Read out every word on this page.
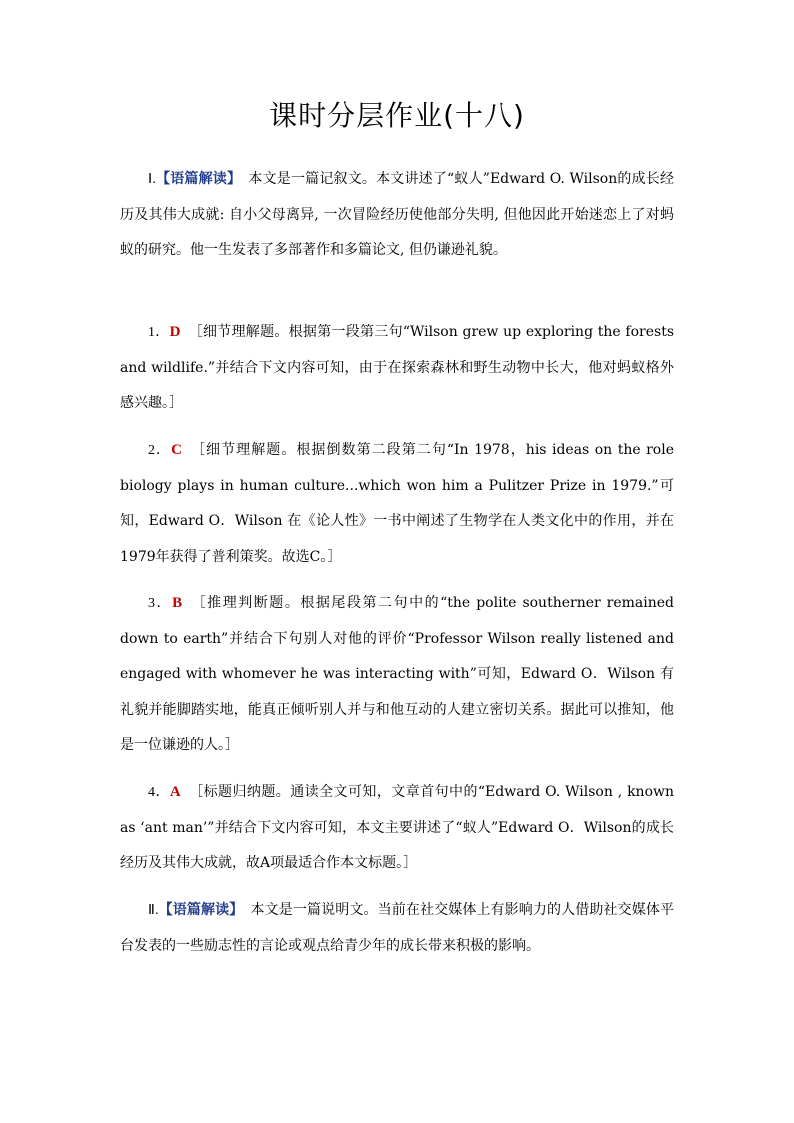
课时分层作业(十八)

Ⅰ.【语篇解读】　本文是一篇记叙文。本文讲述了“蚁人”Edward O. Wilson的成长经历及其伟大成就: 自小父母离异, 一次冒险经历使他部分失明, 但他因此开始迷恋上了对蚂蚁的研究。他一生发表了多部著作和多篇论文, 但仍谦逊礼貌。

1．D ［细节理解题。根据第一段第三句“Wilson grew up exploring the forests and wildlife.”并结合下文内容可知，由于在探索森林和野生动物中长大，他对蚂蚁格外感兴趣。］

2．C ［细节理解题。根据倒数第二段第二句“In 1978，his ideas on the role biology plays in human culture...which won him a Pulitzer Prize in 1979.”可知，Edward O．Wilson 在《论人性》一书中阐述了生物学在人类文化中的作用，并在1979年获得了普利策奖。故选C。］

3．B ［推理判断题。根据尾段第二句中的“the polite southerner remained down to earth”并结合下句别人对他的评价“Professor Wilson really listened and engaged with whomever he was interacting with”可知，Edward O．Wilson 有礼貌并能脚踏实地，能真正倾听别人并与和他互动的人建立密切关系。据此可以推知，他是一位谦逊的人。］

4．A ［标题归纳题。通读全文可知，文章首句中的“Edward O. Wilson , known as ‘ant man’”并结合下文内容可知，本文主要讲述了“蚁人”Edward O．Wilson的成长经历及其伟大成就，故A项最适合作本文标题。］

Ⅱ.【语篇解读】　本文是一篇说明文。当前在社交媒体上有影响力的人借助社交媒体平台发表的一些励志性的言论或观点给青少年的成长带来积极的影响。
